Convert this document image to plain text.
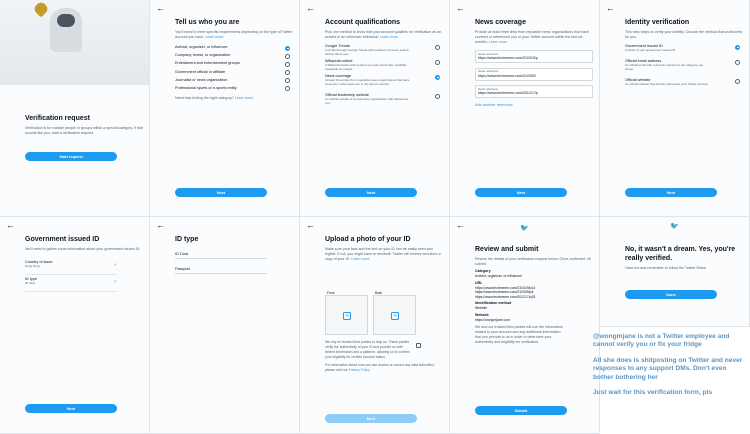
Verification request
Verification is for notable people or groups within a special category. If that sounds like you, start a verification request.
Start request
←
Tell us who you are
You'll need to meet specific requirements depending on the type of Twitter account you have. Learn more
Activist, organizer, or influencer
Company, brand, or organization
Entertainers and entertainment groups
Government official or affiliate
Journalist or news organization
Professional sports or e-sports entity
Need help finding the right category? Learn more
Next
←
Account qualifications
Pick one method to show that your account qualifies for verification as an activist or an influencer individual. Learn more
Google Trends
A profile through Google Trends with evidence of recent search activity about you.
Wikipedia article
A Wikipedia article that is about you and meets their notability standards for people.
News coverage
At least three links from reputable news organizations that have covered or referenced you in the last six months.
Official leadership website
An official website of an advocacy organization that references you.
Next
←
News coverage
Provide at least three links from reputable news organizations that have covered or referenced you or your Twitter account within the last six months. Learn more
News reference
https://www.techmeme.com/210319/p
News reference
https://www.techmeme.com/210305/
News reference
https://www.techmeme.com/201217/p
Add another reference
Next
←
Identity verification
This step helps us verify your identity. Choose the method that works best for you.
Government issued ID
A photo of your government issued ID.
Official email address
An official email with a domain relevant to the category you chose.
Official website
An official website that directly references your Twitter account.
Next
←
Government issued ID
We'll need to gather some information about your government issued ID.
Country of issue
Hong Kong	›
ID type
ID Card	›
Next
←
ID type
ID Card
Passport
←
Upload a photo of your ID
Make sure your face and the text on your ID can be easily seen and legible. If not, you might have to resubmit. Twitter will receive and store a copy of your ID. Learn more
Front
+
Back
+
We rely on trusted third parties to help us. These parties verify the authenticity of your ID and provide us with limited information and a platform, allowing us to confirm your eligibility for verified account status.
For information about how you can access or correct any data submitted, please visit our Privacy Policy
Next
←	🐦
Review and submit
Review the details of your verification request below. Once confirmed, hit submit.
Category
Activist, organizer, or influencer
URL
https://www.techmeme.com/210319/p14
https://www.techmeme.com/210305/p4
https://www.techmeme.com/201217/p33
Identification method
Website
Website
https://wongmjane.com
We and our trusted third parties will use the information related to your account and any additional information that you provide to us in order to determine your authenticity and eligibility for verification.
Submit
🐦
No, it wasn't a dream. Yes, you're really verified.
Have fun and remember to follow the Twitter Rules.
Done
@wongmjane is not a Twitter employee and cannot verify you or fix your fridge
All she does is shitposting on Twitter and never responses to any support DMs. Don't even bother bothering her
Just wait for this verification form, pls
